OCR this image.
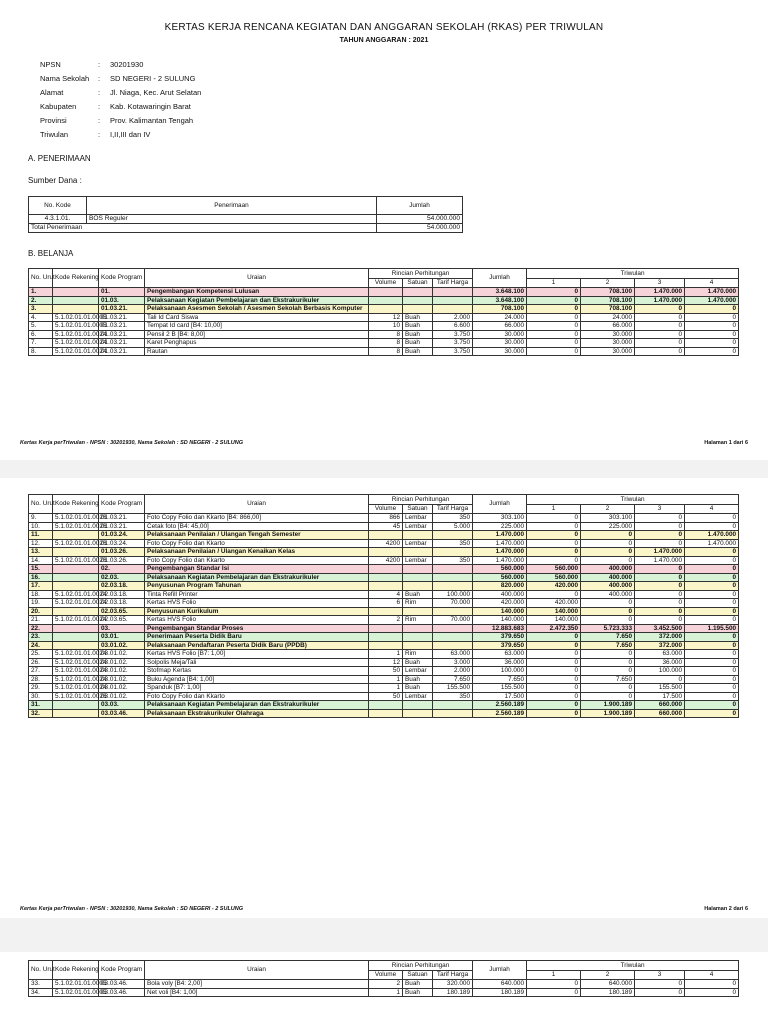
KERTAS KERJA RENCANA KEGIATAN DAN ANGGARAN SEKOLAH (RKAS) PER TRIWULAN
TAHUN ANGGARAN : 2021
NPSN	: 30201930
Nama Sekolah : SD NEGERI - 2 SULUNG
Alamat	: Jl. Niaga, Kec. Arut Selatan
Kabupaten	: Kab. Kotawaringin Barat
Provinsi	: Prov. Kalimantan Tengah
Triwulan	: I,II,III dan IV
A. PENERIMAAN
Sumber Dana :
No. Kode	Penerimaan	Jumlah
4.3.1.01.	BOS Reguler	54.000.000
Total Penerimaan		54.000.000
B. BELANJA
No. Urut	Kode Rekening	Kode Program	Uraian	Rincian Perhitungan			Jumlah	Triwulan			
				Volume	Satuan	Tarif Harga		1	2	3	4
1.		01.	Pengembangan Kompetensi Lulusan				3.648.100	0	708.100	1.470.000	1.470.000
2.		01.03.	Pelaksanaan Kegiatan Pembelajaran dan Ekstrakurikuler				3.648.100	0	708.100	1.470.000	1.470.000
3.		01.03.21.	Pelaksanaan Asesmen Sekolah / Asesmen Sekolah Berbasis Komputer				708.100	0	708.100	0	0
4.	5.1.02.01.01.0005	01.03.21.	Tali Id Card Siswa	12	Buah	2.000	24.000	0	24.000	0	0
5.	5.1.02.01.01.0005	01.03.21.	Tempat Id card [B4: 10,00]	10	Buah	6.600	66.000	0	66.000	0	0
6.	5.1.02.01.01.0024	01.03.21.	Pensil 2 B [B4: 8,00]	8	Buah	3.750	30.000	0	30.000	0	0
7.	5.1.02.01.01.0024	01.03.21.	Karet Penghapus	8	Buah	3.750	30.000	0	30.000	0	0
8.	5.1.02.01.01.0024	01.03.21.	Rautan	8	Buah	3.750	30.000	0	30.000	0	0
Kertas Kerja perTriwulan - NPSN : 30201930, Nama Sekolah : SD NEGERI - 2 SULUNG	Halaman 1 dari 6
No. Urut	Kode Rekening	Kode Program	Uraian	Rincian Perhitungan			Jumlah	Triwulan			
				Volume	Satuan	Tarif Harga		1	2	3	4
9.	5.1.02.01.01.0026	01.03.21.	Foto Copy Folio dan Kkarto [B4: 866,00]	866	Lembar	350	303.100	0	303.100	0	0
10.	5.1.02.01.01.0026	01.03.21.	Cetak foto [B4: 45,00]	45	Lembar	5.000	225.000	0	225.000	0	0
11.		01.03.24.	Pelaksanaan Penilaian / Ulangan Tengah Semester				1.470.000	0	0	0	1.470.000
12.	5.1.02.01.01.0026	01.03.24.	Foto Copy Folio dan Kkarto	4200	Lembar	350	1.470.000	0	0	0	1.470.000
13.		01.03.26.	Pelaksanaan Penilaian / Ulangan Kenaikan Kelas				1.470.000	0	0	1.470.000	0
14.	5.1.02.01.01.0026	01.03.26.	Foto Copy Folio dan Kkarto	4200	Lembar	350	1.470.000	0	0	1.470.000	0
15.		02.	Pengembangan Standar Isi				560.000	560.000	400.000	0	0
16.		02.03.	Pelaksanaan Kegiatan Pembelajaran dan Ekstrakurikuler				560.000	560.000	400.000	0	0
17.		02.03.18.	Penyusunan Program Tahunan				820.000	420.000	400.000	0	0
18.	5.1.02.01.01.0024	02.03.18.	Tinta Refill Printer	4	Buah	100.000	400.000	0	400.000	0	0
19.	5.1.02.01.01.0024	02.03.18.	Kertas HVS Folio	6	Rim	70.000	420.000	420.000	0	0	0
20.		02.03.65.	Penyusunan Kurikulum				140.000	140.000	0	0	0
21.	5.1.02.01.01.0024	02.03.65.	Kertas HVS Folio	2	Rim	70.000	140.000	140.000	0	0	0
22.		03.	Pengembangan Standar Proses				12.883.683	2.472.350	5.723.333	3.452.500	1.195.500
23.		03.01.	Penerimaan Peserta Didik Baru				379.650	0	7.650	372.000	0
24.		03.01.02.	Pelaksanaan Pendaftaran Peserta Didik Baru (PPDB)				379.650	0	7.650	372.000	0
25.	5.1.02.01.01.0024	03.01.02.	Kertas HVS Folio [B7: 1,00]	1	Rim	63.000	63.000	0	0	63.000	0
26.	5.1.02.01.01.0024	03.01.02.	Solpolis Meja/Tali	12	Buah	3.000	36.000	0	0	36.000	0
27.	5.1.02.01.01.0024	03.01.02.	Stofmap Kertas	50	Lembar	2.000	100.000	0	0	100.000	0
28.	5.1.02.01.01.0024	03.01.02.	Buku Agenda [B4: 1,00]	1	Buah	7.650	7.650	0	7.650	0	0
29.	5.1.02.01.01.0024	03.01.02.	Spanduk [B7: 1,00]	1	Buah	155.500	155.500	0	0	155.500	0
30.	5.1.02.01.01.0026	03.01.02.	Foto Copy Folio dan Kkarto	50	Lembar	350	17.500	0	0	17.500	0
31.		03.03.	Pelaksanaan Kegiatan Pembelajaran dan Ekstrakurikuler				2.560.189	0	1.900.189	660.000	0
32.		03.03.46.	Pelaksanaan Ekstrakurikuler Olahraga				2.560.189	0	1.900.189	660.000	0
Kertas Kerja perTriwulan - NPSN : 30201930, Nama Sekolah : SD NEGERI - 2 SULUNG	Halaman 2 dari 6
No. Urut	Kode Rekening	Kode Program	Uraian	Rincian Perhitungan			Jumlah	Triwulan			
				Volume	Satuan	Tarif Harga		1	2	3	4
33.	5.1.02.01.01.0005	03.03.46.	Bola voly [B4: 2,00]	2	Buah	320.000	640.000	0	640.000	0	0
34.	5.1.02.01.01.0005	03.03.46.	Net voli [B4: 1,00]	1	Buah	180.189	180.189	0	180.189	0	0
